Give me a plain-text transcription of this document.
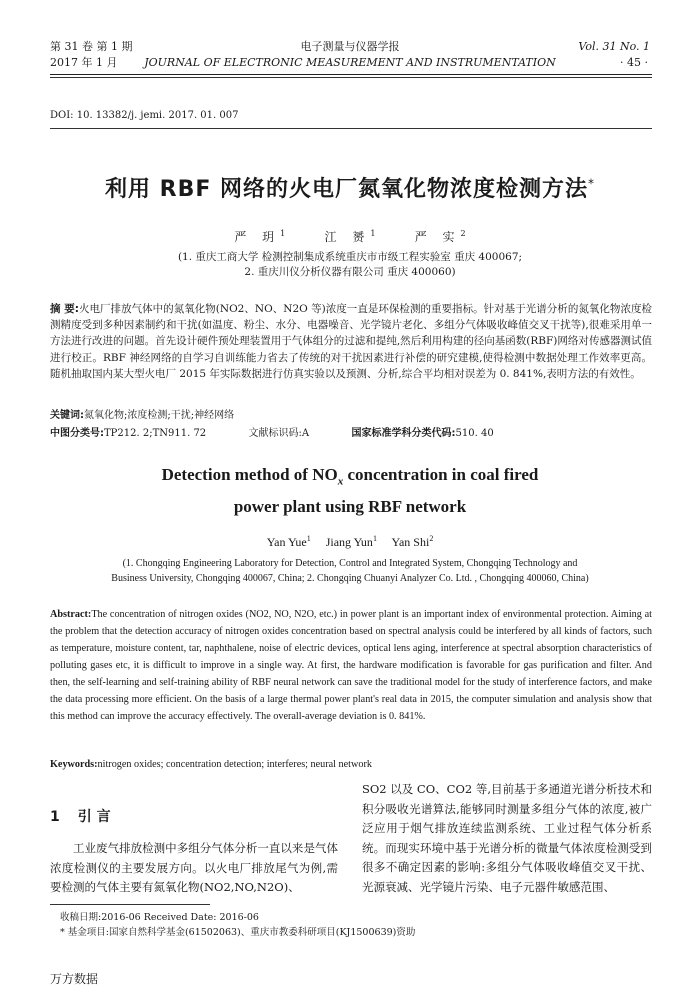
第 31 卷 第 1 期
2017 年 1 月
电子测量与仪器学报
JOURNAL OF ELECTRONIC MEASUREMENT AND INSTRUMENTATION
Vol. 31 No. 1
· 45 ·
DOI: 10. 13382/j. jemi. 2017. 01. 007
利用 RBF 网络的火电厂氮氧化物浓度检测方法*
严 玥$^1$	江 赟$^1$	严 实$^2$
(1. 重庆工商大学 检测控制集成系统重庆市市级工程实验室 重庆 400067;
2. 重庆川仪分析仪器有限公司 重庆 400060)
摘 要:火电厂排放气体中的氮氧化物(NO2、NO、N2O 等)浓度一直是环保检测的重要指标。针对基于光谱分析的氮氧化物浓度检测精度受到多种因素制约和干扰(如温度、粉尘、水分、电器噪音、光学镜片老化、多组分气体吸收峰值交叉干扰等),很难采用单一方法进行改进的问题。首先设计硬件预处理装置用于气体组分的过滤和提纯,然后利用构建的径向基函数(RBF)网络对传感器测试值进行校正。RBF 神经网络的自学习自训练能力省去了传统的对干扰因素进行补偿的研究建模,使得检测中数据处理工作效率更高。随机抽取国内某大型火电厂 2015 年实际数据进行仿真实验以及预测、分析,综合平均相对误差为 0. 841%,表明方法的有效性。
关键词:氮氧化物;浓度检测;干扰;神经网络
中图分类号:TP212. 2;TN911. 72	文献标识码:A	国家标准学科分类代码:510. 40
Detection method of $NO_x$ concentration in coal fired
power plant using RBF network
Yan Yue$^1$ Jiang Yun$^1$ Yan Shi$^2$
(1. Chongqing Engineering Laboratory for Detection, Control and Integrated System, Chongqing Technology and
Business University, Chongqing 400067, China; 2. Chongqing Chuanyi Analyzer Co. Ltd. , Chongqing 400060, China)
Abstract:The concentration of nitrogen oxides (NO2, NO, N2O, etc.) in power plant is an important index of environmental protection. Aiming at the problem that the detection accuracy of nitrogen oxides concentration based on spectral analysis could be interfered by all kinds of factors, such as temperature, moisture content, tar, naphthalene, noise of electric devices, optical lens aging, interference at spectral absorption characteristics of polluting gases etc, it is difficult to improve in a single way. At first, the hardware modification is favorable for gas purification and filter. And then, the self-learning and self-training ability of RBF neural network can save the traditional model for the study of interference factors, and make the data processing more efficient. On the basis of a large thermal power plant's real data in 2015, the computer simulation and analysis show that this method can improve the accuracy effectively. The overall-average deviation is 0. 841%.
Keywords:nitrogen oxides; concentration detection; interferes; neural network
1 引 言
工业废气排放检测中多组分气体分析一直以来是气体浓度检测仪的主要发展方向。以火电厂排放尾气为例,需要检测的气体主要有氮氧化物(NO2,NO,N2O)、
SO2 以及 CO、CO2 等,目前基于多通道光谱分析技术和积分吸收光谱算法,能够同时测量多组分气体的浓度,被广泛应用于烟气排放连续监测系统、工业过程气体分析系统。而现实环境中基于光谱分析的微量气体浓度检测受到很多不确定因素的影响:多组分气体吸收峰值交叉干扰、光源衰减、光学镜片污染、电子元器件敏感范围、
收稿日期:2016-06 Received Date: 2016-06
* 基金项目:国家自然科学基金(61502063)、重庆市教委科研项目(KJ1500639)资助
万方数据
